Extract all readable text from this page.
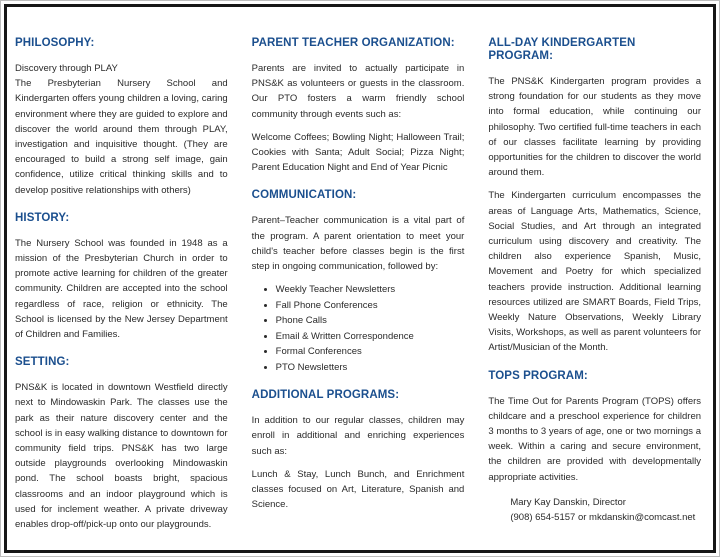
PHILOSOPHY:

Discovery through PLAY

The Presbyterian Nursery School and Kindergarten offers young children a loving, caring environment where they are guided to explore and discover the world around them through PLAY, investigation and inquisitive thought. (They are encouraged to build a strong self image, gain confidence, utilize critical thinking skills and to develop positive relationships with others)

HISTORY:

The Nursery School was founded in 1948 as a mission of the Presbyterian Church in order to promote active learning for children of the greater community. Children are accepted into the school regardless of race, religion or ethnicity. The School is licensed by the New Jersey Department of Children and Families.

SETTING:

PNS&K is located in downtown Westfield directly next to Mindowaskin Park. The classes use the park as their nature discovery center and the school is in easy walking distance to downtown for community field trips. PNS&K has two large outside playgrounds overlooking Mindowaskin pond. The school boasts bright, spacious classrooms and an indoor playground which is used for inclement weather. A private driveway enables drop-off/pick-up onto our playgrounds.

PARENT TEACHER ORGANIZATION:

Parents are invited to actually participate in PNS&K as volunteers or guests in the classroom. Our PTO fosters a warm friendly school community through events such as:

Welcome Coffees; Bowling Night; Halloween Trail; Cookies with Santa; Adult Social; Pizza Night; Parent Education Night and End of Year Picnic

COMMUNICATION:

Parent–Teacher communication is a vital part of the program. A parent orientation to meet your child's teacher before classes begin is the first step in ongoing communication, followed by:

• Weekly Teacher Newsletters
• Fall Phone Conferences
• Phone Calls
• Email & Written Correspondence
• Formal Conferences
• PTO Newsletters
ADDITIONAL PROGRAMS:

In addition to our regular classes, children may enroll in additional and enriching experiences such as:

Lunch & Stay, Lunch Bunch, and Enrichment classes focused on Art, Literature, Spanish and Science.

ALL-DAY KINDERGARTEN PROGRAM:

The PNS&K Kindergarten program provides a strong foundation for our students as they move into formal education, while continuing our philosophy. Two certified full-time teachers in each of our classes facilitate learning by providing opportunities for the children to discover the world around them.

The Kindergarten curriculum encompasses the areas of Language Arts, Mathematics, Science, Social Studies, and Art through an integrated curriculum using discovery and creativity. The children also experience Spanish, Music, Movement and Poetry for which specialized teachers provide instruction. Additional learning resources utilized are SMART Boards, Field Trips, Weekly Nature Observations, Weekly Library Visits, Workshops, as well as parent volunteers for Artist/Musician of the Month.

TOPS PROGRAM:

The Time Out for Parents Program (TOPS) offers childcare and a preschool experience for children 3 months to 3 years of age, one or two mornings a week. Within a caring and secure environment, the children are provided with developmentally appropriate activities.

Mary Kay Danskin, Director
(908) 654-5157 or mkdanskin@comcast.net
